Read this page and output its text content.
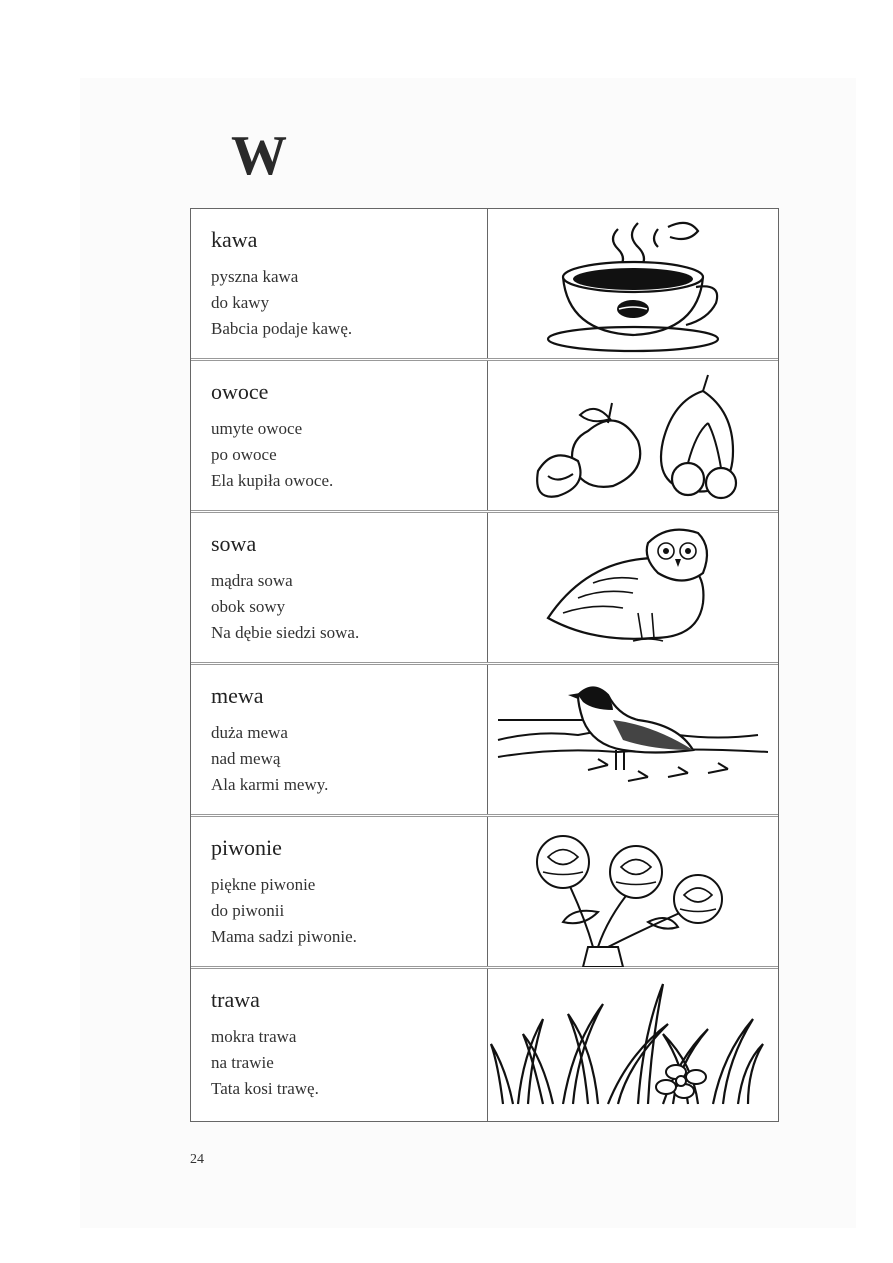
W
kawa
pyszna kawa
do kawy
Babcia podaje kawę.
owoce
umyte owoce
po owoce
Ela kupiła owoce.
sowa
mądra sowa
obok sowy
Na dębie siedzi sowa.
mewa
duża mewa
nad mewą
Ala karmi mewy.
piwonie
piękne piwonie
do piwonii
Mama sadzi piwonie.
trawa
mokra trawa
na trawie
Tata kosi trawę.
24
